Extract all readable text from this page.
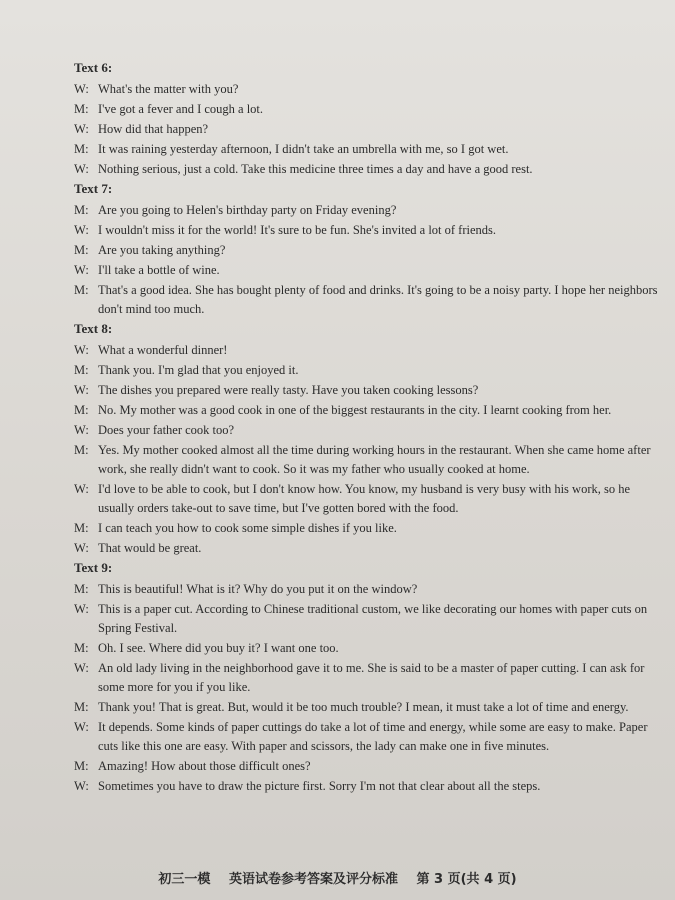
Text 6:
W: What's the matter with you?
M: I've got a fever and I cough a lot.
W: How did that happen?
M: It was raining yesterday afternoon, I didn't take an umbrella with me, so I got wet.
W: Nothing serious, just a cold. Take this medicine three times a day and have a good rest.
Text 7:
M: Are you going to Helen's birthday party on Friday evening?
W: I wouldn't miss it for the world! It's sure to be fun. She's invited a lot of friends.
M: Are you taking anything?
W: I'll take a bottle of wine.
M: That's a good idea. She has bought plenty of food and drinks. It's going to be a noisy party. I hope her neighbors don't mind too much.
Text 8:
W: What a wonderful dinner!
M: Thank you. I'm glad that you enjoyed it.
W: The dishes you prepared were really tasty. Have you taken cooking lessons?
M: No. My mother was a good cook in one of the biggest restaurants in the city. I learnt cooking from her.
W: Does your father cook too?
M: Yes. My mother cooked almost all the time during working hours in the restaurant. When she came home after work, she really didn't want to cook. So it was my father who usually cooked at home.
W: I'd love to be able to cook, but I don't know how. You know, my husband is very busy with his work, so he usually orders take-out to save time, but I've gotten bored with the food.
M: I can teach you how to cook some simple dishes if you like.
W: That would be great.
Text 9:
M: This is beautiful! What is it? Why do you put it on the window?
W: This is a paper cut. According to Chinese traditional custom, we like decorating our homes with paper cuts on Spring Festival.
M: Oh. I see. Where did you buy it? I want one too.
W: An old lady living in the neighborhood gave it to me. She is said to be a master of paper cutting. I can ask for some more for you if you like.
M: Thank you! That is great. But, would it be too much trouble? I mean, it must take a lot of time and energy.
W: It depends. Some kinds of paper cuttings do take a lot of time and energy, while some are easy to make. Paper cuts like this one are easy. With paper and scissors, the lady can make one in five minutes.
M: Amazing! How about those difficult ones?
W: Sometimes you have to draw the picture first. Sorry I'm not that clear about all the steps.
初三一模 英语试卷参考答案及评分标准 第 3 页(共 4 页)
